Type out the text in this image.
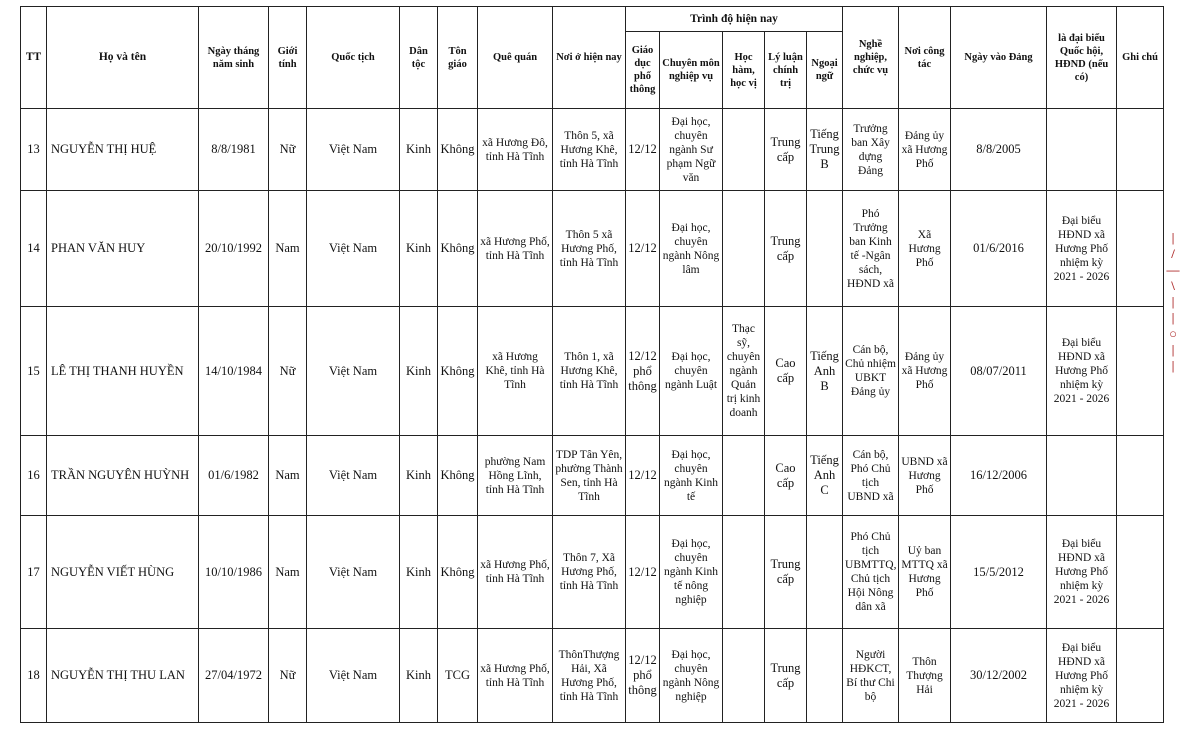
TT	Họ và tên	Ngày tháng năm sinh	Giới tính	Quốc tịch	Dân tộc	Tôn giáo	Quê quán	Nơi ở hiện nay	Trình độ hiện nay					Nghề nghiệp, chức vụ	Nơi công tác	Ngày vào Đảng	là đại biểu Quốc hội, HĐND (nếu có)	Ghi chú
									Giáo dục phổ thông	Chuyên môn nghiệp vụ	Học hàm, học vị	Lý luận chính trị	Ngoại ngữ					
13	NGUYỄN THỊ HUỆ	8/8/1981	Nữ	Việt Nam	Kinh	Không	xã Hương Đô, tỉnh Hà Tĩnh	Thôn 5, xã Hương Khê, tỉnh Hà Tĩnh	12/12	Đại học, chuyên ngành Sư phạm Ngữ văn		Trung cấp	Tiếng Trung B	Trưởng ban Xây dựng Đảng	Đảng ủy xã Hương Phố	8/8/2005		
14	PHAN VĂN HUY	20/10/1992	Nam	Việt Nam	Kinh	Không	xã Hương Phố, tỉnh Hà Tĩnh	Thôn 5 xã Hương Phố, tỉnh Hà Tĩnh	12/12	Đại học, chuyên ngành Nông lâm		Trung cấp		Phó Trưởng ban Kinh tế -Ngân sách, HĐND xã	Xã Hương Phố	01/6/2016	Đại biểu HĐND xã Hương Phố nhiệm kỳ 2021 - 2026	
15	LÊ THỊ THANH HUYỀN	14/10/1984	Nữ	Việt Nam	Kinh	Không	xã Hương Khê, tỉnh Hà Tĩnh	Thôn 1, xã Hương Khê, tỉnh Hà Tĩnh	12/12 phổ thông	Đại học, chuyên ngành Luật	Thạc sỹ, chuyên ngành Quản trị kinh doanh	Cao cấp	Tiếng Anh B	Cán bộ, Chủ nhiệm UBKT Đảng ủy	Đảng ủy xã Hương Phố	08/07/2011	Đại biểu HĐND xã Hương Phố nhiệm kỳ 2021 - 2026	
16	TRẦN NGUYÊN HUỲNH	01/6/1982	Nam	Việt Nam	Kinh	Không	phường Nam Hồng Lĩnh, tỉnh Hà Tĩnh	TDP Tân Yên, phường Thành Sen, tỉnh Hà Tĩnh	12/12	Đại học, chuyên ngành Kinh tế		Cao cấp	Tiếng Anh C	Cán bộ, Phó Chủ tịch UBND xã	UBND xã Hương Phố	16/12/2006		
17	NGUYỄN VIẾT HÙNG	10/10/1986	Nam	Việt Nam	Kinh	Không	xã Hương Phố, tỉnh Hà Tĩnh	Thôn 7, Xã Hương Phố, tỉnh Hà Tĩnh	12/12	Đại học, chuyên ngành Kinh tế nông nghiệp		Trung cấp		Phó Chủ tịch UBMTTQ, Chủ tịch Hội Nông dân xã	Uỷ ban MTTQ xã Hương Phố	15/5/2012	Đại biểu HĐND xã Hương Phố nhiệm kỳ 2021 - 2026	
18	NGUYỄN THỊ THU LAN	27/04/1972	Nữ	Việt Nam	Kinh	TCG	xã Hương Phố, tỉnh Hà Tĩnh	ThônThượng Hải, Xã Hương Phố, tỉnh Hà Tĩnh	12/12 phổ thông	Đại học, chuyên ngành Nông nghiệp		Trung cấp		Người HĐKCT, Bí thư Chi bộ	Thôn Thượng Hải	30/12/2002	Đại biểu HĐND xã Hương Phố nhiệm kỳ 2021 - 2026	
|
/
—
\
|
|
○
|
|
